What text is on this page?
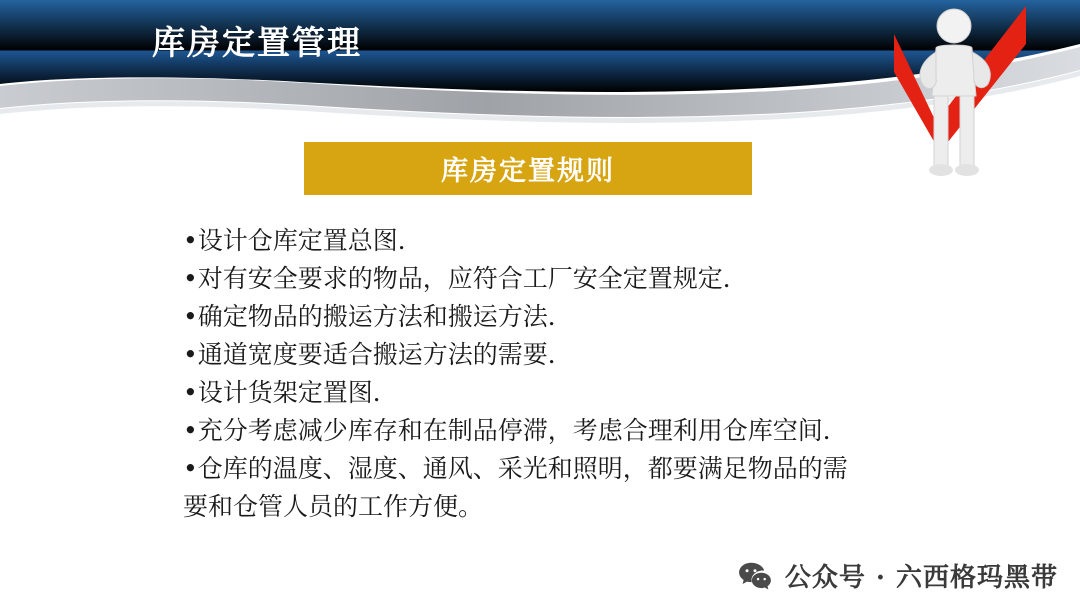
库房定置管理
库房定置规则
•设计仓库定置总图．
•对有安全要求的物品，应符合工厂安全定置规定．
•确定物品的搬运方法和搬运方法．
•通道宽度要适合搬运方法的需要．
•设计货架定置图．
•充分考虑减少库存和在制品停滞，考虑合理利用仓库空间．
•仓库的温度、湿度、通风、采光和照明，都要满足物品的需
要和仓管人员的工作方便。
公众号 · 六西格玛黑带
